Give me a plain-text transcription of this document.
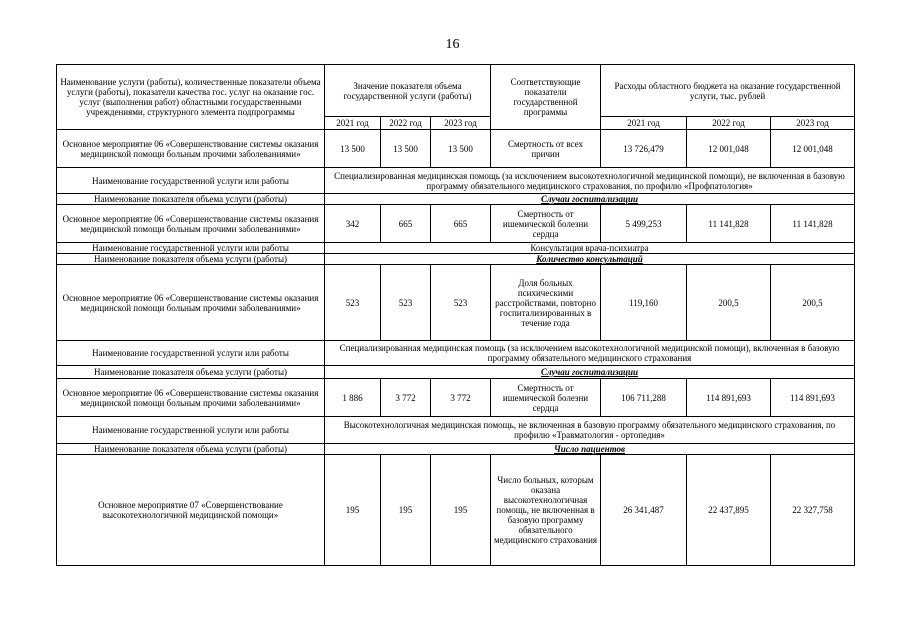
16
Наименование услуги (работы), количественные показатели объема услуги (работы), показатели качества гос. услуг на оказание гос. услуг (выполнения работ) областными государственными учреждениями, структурного элемента подпрограммы	Значение показателя объема государственной услуги (работы)			Соответствующие показатели государственной программы	Расходы областного бюджета на оказание государственной услуги, тыс. рублей		
	2021 год	2022 год	2023 год		2021 год	2022 год	2023 год
Основное мероприятие 06 «Совершенствование системы оказания медицинской помощи больным прочими заболеваниями»	13 500	13 500	13 500	Смертность от всех причин	13 726,479	12 001,048	12 001,048
Наименование государственной услуги или работы	Специализированная медицинская помощь (за исключением высокотехнологичной медицинской помощи), не включенная в базовую программу обязательного медицинского страхования, по профилю «Профпатология»						
Наименование показателя объема услуги (работы)	Случаи госпитализации						
Основное мероприятие 06 «Совершенствование системы оказания медицинской помощи больным прочими заболеваниями»	342	665	665	Смертность от ишемической болезни сердца	5 499,253	11 141,828	11 141,828
Наименование государственной услуги или работы	Консультация врача-психиатра						
Наименование показателя объема услуги (работы)	Количество консультаций						
Основное мероприятие 06 «Совершенствование системы оказания медицинской помощи больным прочими заболеваниями»	523	523	523	Доля больных психическими расстройствами, повторно госпитализированных в течение года	119,160	200,5	200,5
Наименование государственной услуги или работы	Специализированная медицинская помощь (за исключением высокотехнологичной медицинской помощи), включенная в базовую программу обязательного медицинского страхования						
Наименование показателя объема услуги (работы)	Случаи госпитализации						
Основное мероприятие 06 «Совершенствование системы оказания медицинской помощи больным прочими заболеваниями»	1 886	3 772	3 772	Смертность от ишемической болезни сердца	106 711,288	114 891,693	114 891,693
Наименование государственной услуги или работы	Высокотехнологичная медицинская помощь, не включенная в базовую программу обязательного медицинского страхования, по профилю «Травматология - ортопедия»						
Наименование показателя объема услуги (работы)	Число пациентов						
Основное мероприятие 07 «Совершенствование высокотехнологичной медицинской помощи»	195	195	195	Число больных, которым оказана высокотехнологичная помощь, не включенная в базовую программу обязательного медицинского страхования	26 341,487	22 437,895	22 327,758
